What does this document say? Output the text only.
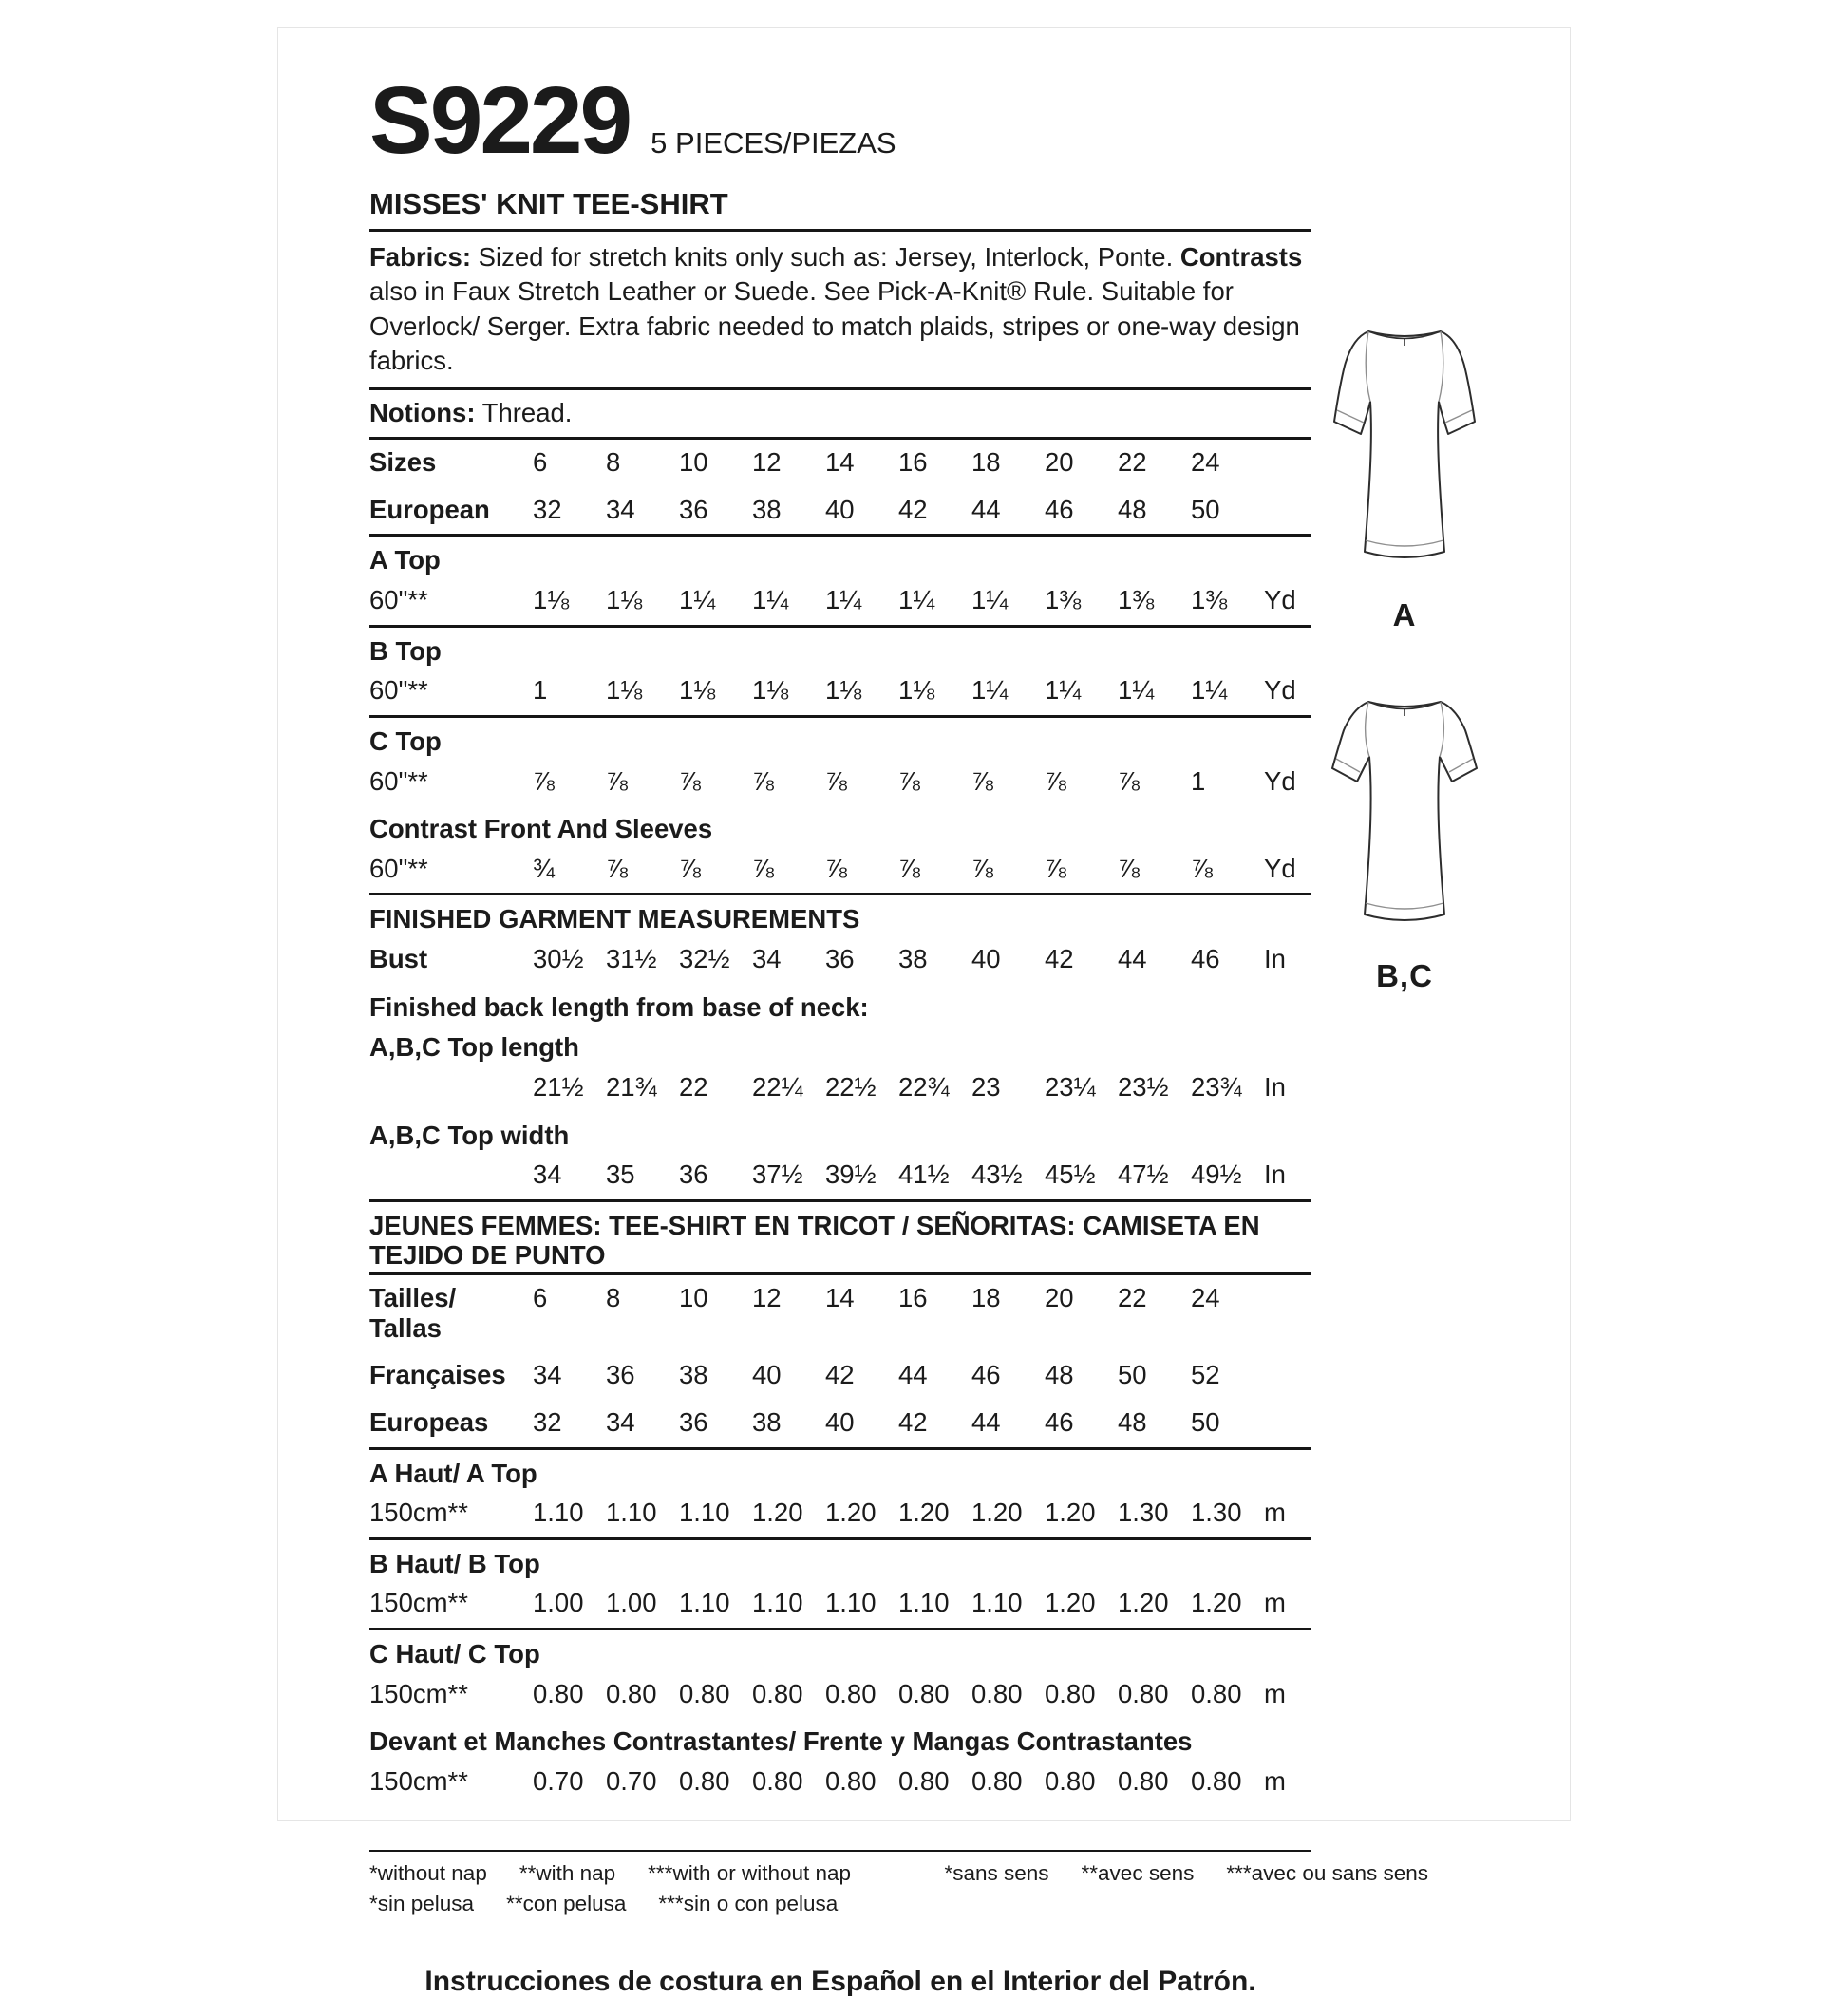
S9229 5 PIECES/PIEZAS
MISSES' KNIT TEE-SHIRT

Fabrics: Sized for stretch knits only such as: Jersey, Interlock, Ponte. Contrasts also in Faux Stretch Leather or Suede. See Pick-A-Knit® Rule. Suitable for Overlock/ Serger. Extra fabric needed to match plaids, stripes or one-way design fabrics.

Notions: Thread.

Sizes	6	8	10	12	14	16	18	20	22	24
European	32	34	36	38	40	42	44	46	48	50
A Top
60"**	1⅛	1⅛	1¼	1¼	1¼	1¼	1¼	1⅜	1⅜	1⅜	Yd
B Top
60"**	1	1⅛	1⅛	1⅛	1⅛	1⅛	1¼	1¼	1¼	1¼	Yd
C Top
60"**	⅞	⅞	⅞	⅞	⅞	⅞	⅞	⅞	⅞	1	Yd
Contrast Front And Sleeves
60"**	¾	⅞	⅞	⅞	⅞	⅞	⅞	⅞	⅞	⅞	Yd
FINISHED GARMENT MEASUREMENTS
Bust	30½ 31½ 32½ 34	36	38	40	42	44	46	In
Finished back length from base of neck:
A,B,C Top length
21½ 21¾ 22	22¼ 22½ 22¾ 23	23¼ 23½ 23¾ In
A,B,C Top width
34	35	36	37½ 39½ 41½ 43½ 45½ 47½ 49½ In
JEUNES FEMMES: TEE-SHIRT EN TRICOT / SEÑORITAS: CAMISETA EN TEJIDO DE PUNTO
Tailles/ Tallas
6	8	10	12	14	16	18	20	22	24
Françaises	34	36	38	40	42	44	46	48	50	52
Europeas	32	34	36	38	40	42	44	46	48	50
A Haut/ A Top
150cm**	1.10 1.10 1.10 1.20 1.20 1.20 1.20 1.20 1.30 1.30 m
B Haut/ B Top
150cm**	1.00 1.00 1.10 1.10 1.10 1.10 1.10 1.20 1.20 1.20 m
C Haut/ C Top
150cm**	0.80 0.80 0.80 0.80 0.80 0.80 0.80 0.80 0.80 0.80 m
Devant et Manches Contrastantes/ Frente y Mangas Contrastantes
150cm**	0.70 0.70 0.80 0.80 0.80 0.80 0.80 0.80 0.80 0.80 m
*without nap **with nap ***with or without nap	*sans sens **avec sens ***avec ou sans sens
*sin pelusa **con pelusa ***sin o con pelusa
Instrucciones de costura en Español en el Interior del Patrón.
A
B,C
